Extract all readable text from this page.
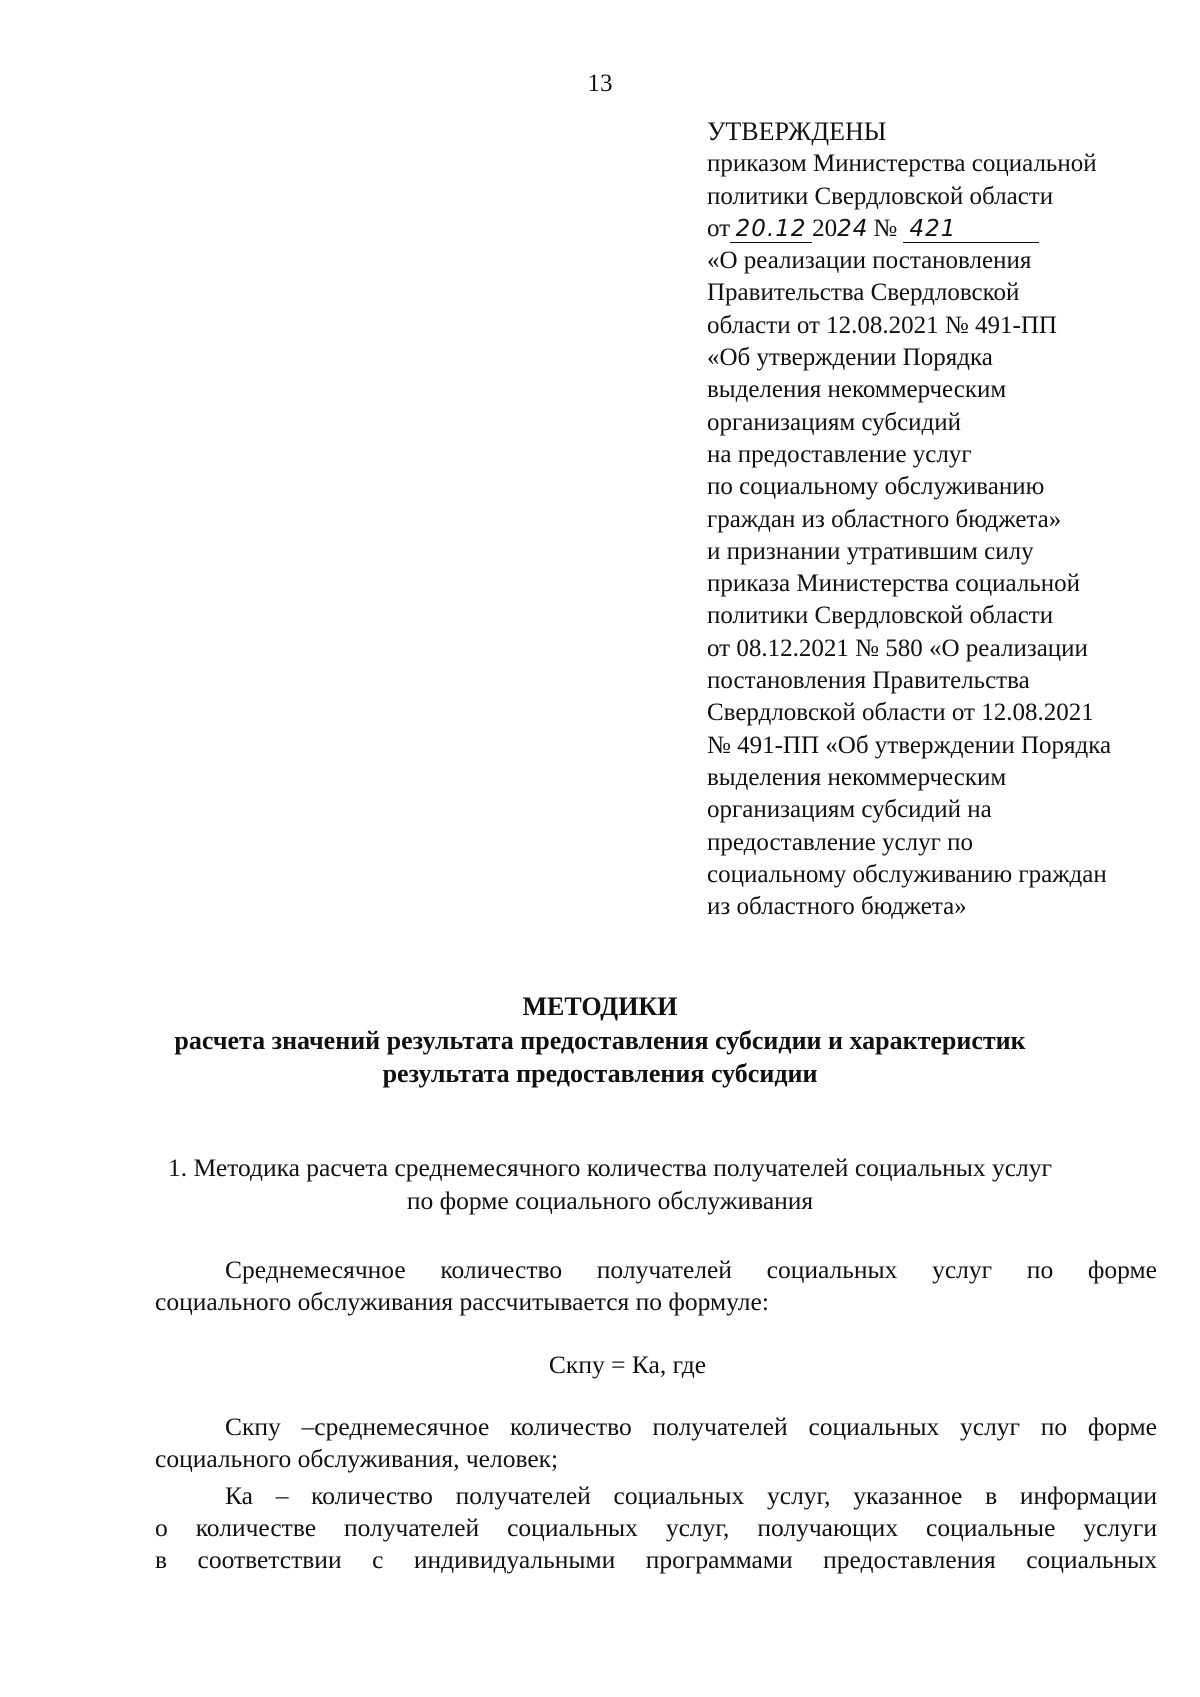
13
УТВЕРЖДЕНЫ
приказом Министерства социальной
политики Свердловской области
от 20.12 2024 № 421
«О реализации постановления
Правительства Свердловской
области от 12.08.2021 № 491-ПП
«Об утверждении Порядка
выделения некоммерческим
организациям субсидий
на предоставление услуг
по социальному обслуживанию
граждан из областного бюджета»
и признании утратившим силу
приказа Министерства социальной
политики Свердловской области
от 08.12.2021 № 580 «О реализации
постановления Правительства
Свердловской области от 12.08.2021
№ 491-ПП «Об утверждении Порядка
выделения некоммерческим
организациям субсидий на
предоставление услуг по
социальному обслуживанию граждан
из областного бюджета»
МЕТОДИКИ
расчета значений результата предоставления субсидии и характеристик
результата предоставления субсидии
1. Методика расчета среднемесячного количества получателей социальных услуг
по форме социального обслуживания
Среднемесячное количество получателей социальных услуг по форме
социального обслуживания рассчитывается по формуле:
Скпу = Ка, где
Скпу –среднемесячное количество получателей социальных услуг по форме
социального обслуживания, человек;
Ка – количество получателей социальных услуг, указанное в информации
о количестве получателей социальных услуг, получающих социальные услуги
в соответствии с индивидуальными программами предоставления социальных
